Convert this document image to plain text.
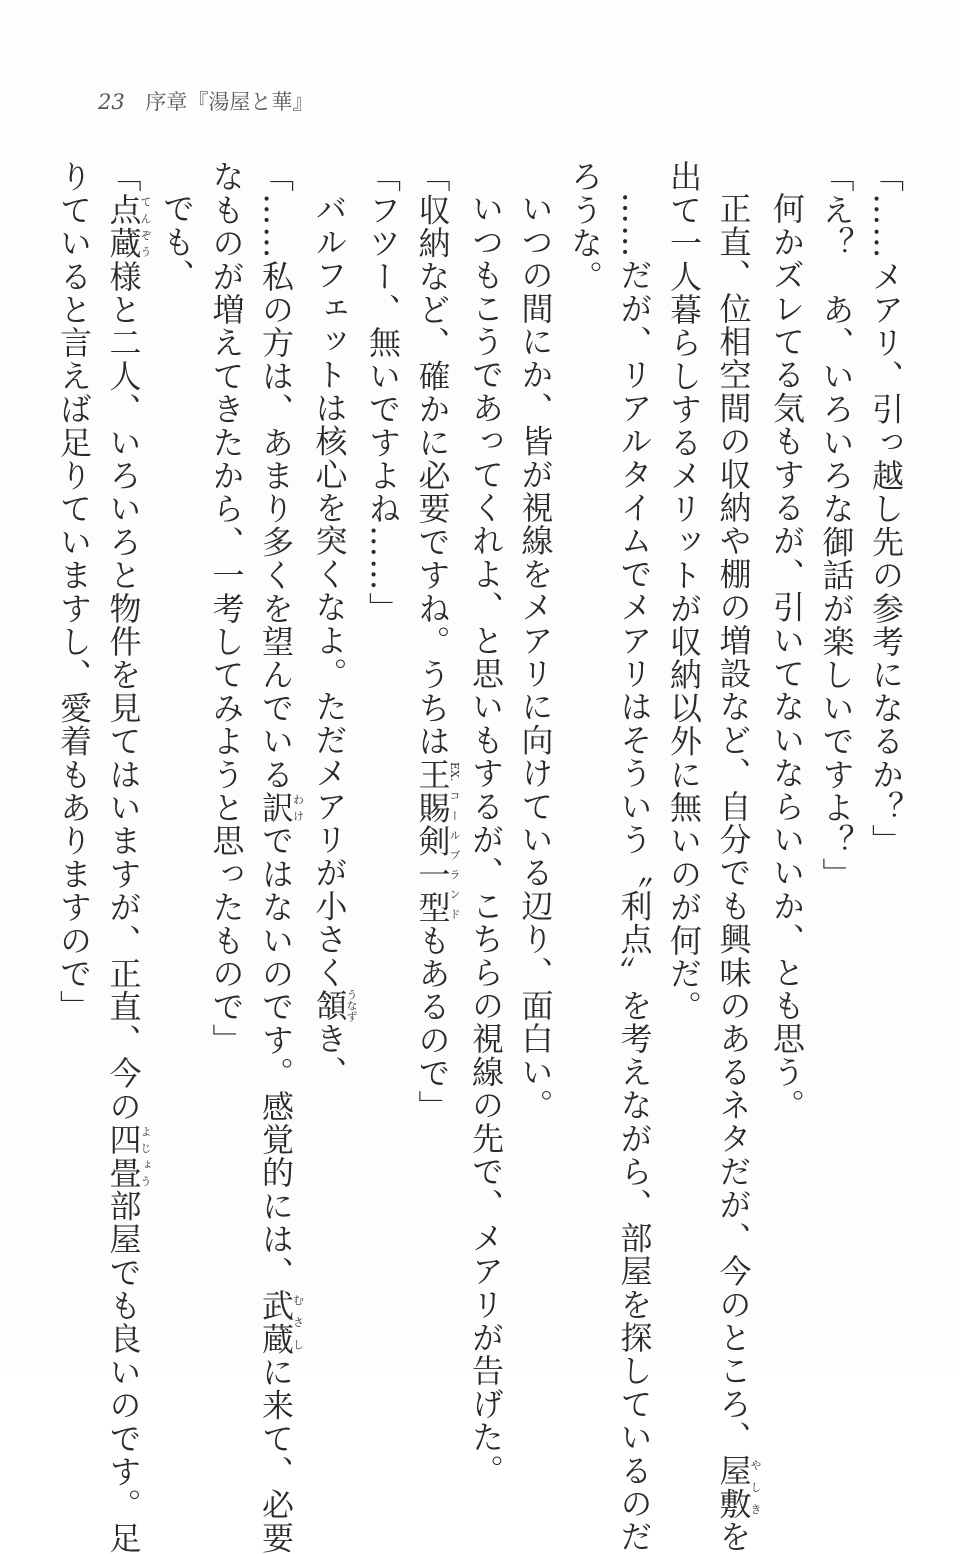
23 序章『湯屋と華』
「……メアリ、引っ越し先の参考になるか？」
「え？　あ、いろいろな御話が楽しいですよ？」
何かズレてる気もするが、引いてないならいいか、とも思う。
正直、位相空間の収納や棚の増設など、自分でも興味のあるネタだが、今のところ、屋敷やしきを
出て一人暮らしするメリットが収納以外に無いのが何だ。
……だが、リアルタイムでメアリはそういう〝利点〟を考えながら、部屋を探しているのだ
ろうな。
いつの間にか、皆が視線をメアリに向けている辺り、面白い。
いつもこうであってくれよ、と思いもするが、こちらの視線の先で、メアリが告げた。
「収納など、確かに必要ですね。うちは王賜剣一型EX.コールブランドもあるので」
「フツー、無いですよね……」
バルフェットは核心を突くなよ。ただメアリが小さく頷うなずき、
「……私の方は、あまり多くを望んでいる訳わけではないのです。感覚的には、武蔵むさしに来て、必要
なものが増えてきたから、一考してみようと思ったもので」
でも、
「点蔵てんぞう様と二人、いろいろと物件を見てはいますが、正直、今の四畳よじょう部屋でも良いのです。足
りていると言えば足りていますし、愛着もありますので」
